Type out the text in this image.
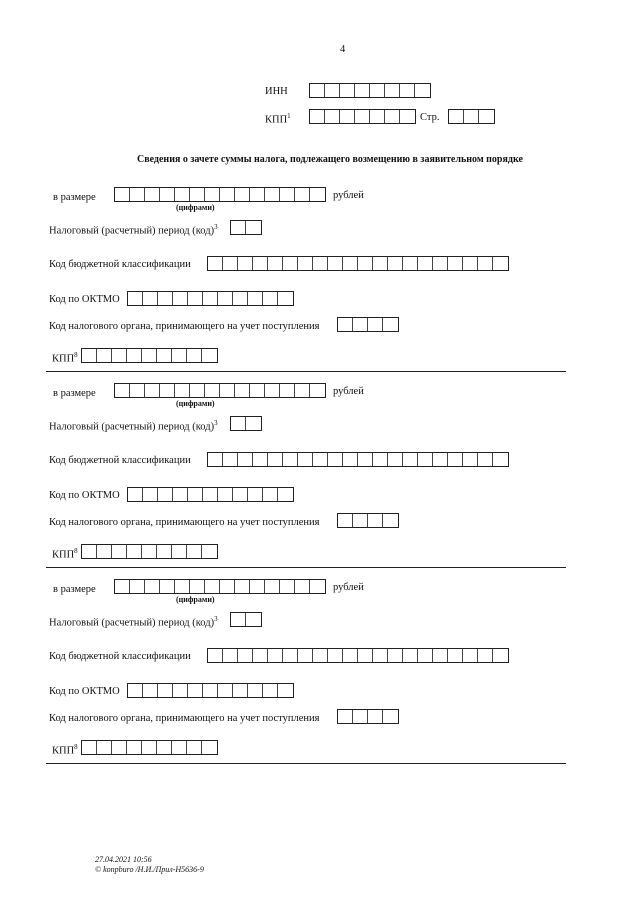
4
ИНН
КПП$^1$	Стр.
Сведения о зачете суммы налога, подлежащего возмещению в заявительном порядке
в размере	рублей
(цифрами)
Налоговый (расчетный) период (код)$^3$
Код бюджетной классификации
Код по ОКТМО
Код налогового органа, принимающего на учет поступления
КПП$^8$
в размере	рублей
(цифрами)
Налоговый (расчетный) период (код)$^3$
Код бюджетной классификации
Код по ОКТМО
Код налогового органа, принимающего на учет поступления
КПП$^8$
в размере	рублей
(цифрами)
Налоговый (расчетный) период (код)$^3$
Код бюджетной классификации
Код по ОКТМО
Код налогового органа, принимающего на учет поступления
КПП$^8$
27.04.2021 10:56
© konpburo /Н.И./Прил-Н5636-9
